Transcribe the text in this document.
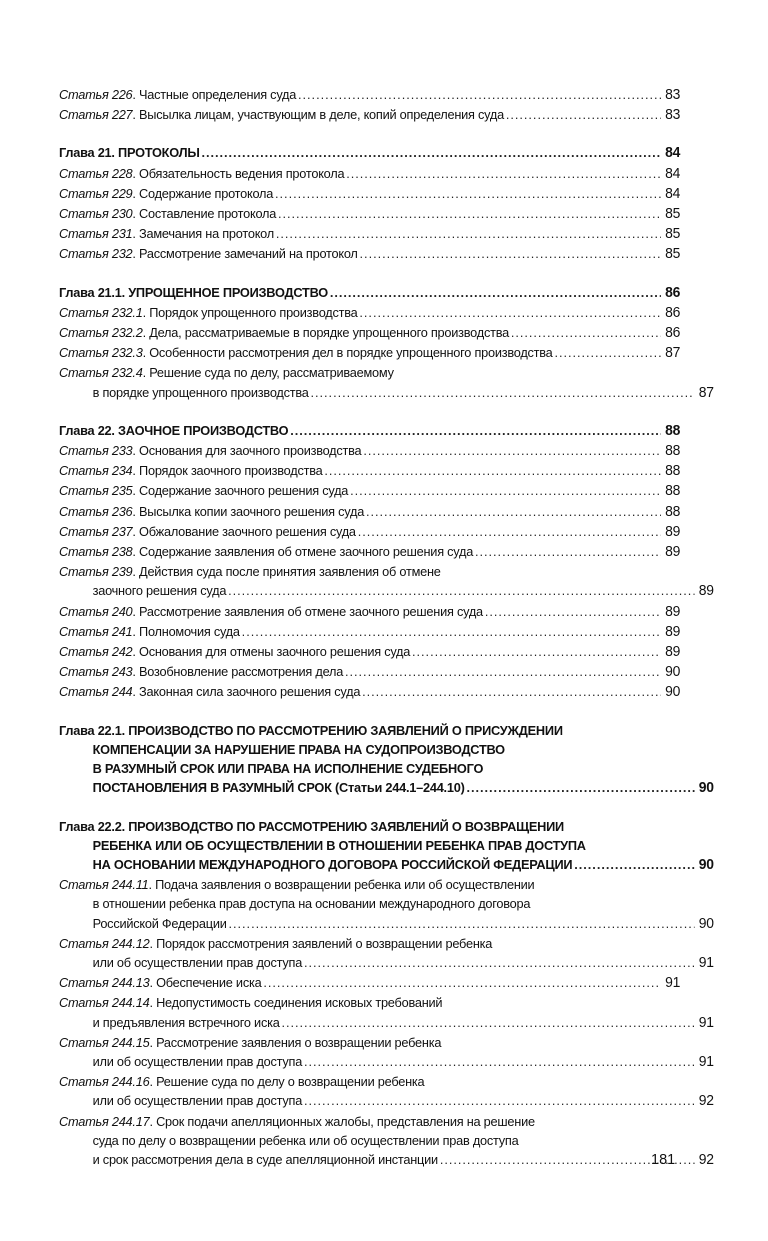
Статья 226. Частные определения суда .....	83
Статья 227. Высылка лицам, участвующим в деле, копий определения суда .....	83
Глава 21. ПРОТОКОЛЫ .....	84
Статья 228. Обязательность ведения протокола .....	84
Статья 229. Содержание протокола .....	84
Статья 230. Составление протокола .....	85
Статья 231. Замечания на протокол .....	85
Статья 232. Рассмотрение замечаний на протокол .....	85
Глава 21.1. УПРОЩЕННОЕ ПРОИЗВОДСТВО .....	86
Статья 232.1. Порядок упрощенного производства .....	86
Статья 232.2. Дела, рассматриваемые в порядке упрощенного производства .....	86
Статья 232.3. Особенности рассмотрения дел в порядке упрощенного производства .....	87
Статья 232.4. Решение суда по делу, рассматриваемому
в порядке упрощенного производства .....	87
Глава 22. ЗАОЧНОЕ ПРОИЗВОДСТВО .....	88
Статья 233. Основания для заочного производства .....	88
Статья 234. Порядок заочного производства .....	88
Статья 235. Содержание заочного решения суда .....	88
Статья 236. Высылка копии заочного решения суда .....	88
Статья 237. Обжалование заочного решения суда .....	89
Статья 238. Содержание заявления об отмене заочного решения суда .....	89
Статья 239. Действия суда после принятия заявления об отмене
заочного решения суда .....	89
Статья 240. Рассмотрение заявления об отмене заочного решения суда .....	89
Статья 241. Полномочия суда .....	89
Статья 242. Основания для отмены заочного решения суда .....	89
Статья 243. Возобновление рассмотрения дела .....	90
Статья 244. Законная сила заочного решения суда .....	90
Глава 22.1. ПРОИЗВОДСТВО ПО РАССМОТРЕНИЮ ЗАЯВЛЕНИЙ О ПРИСУЖДЕНИИ
КОМПЕНСАЦИИ ЗА НАРУШЕНИЕ ПРАВА НА СУДОПРОИЗВОДСТВО
В РАЗУМНЫЙ СРОК ИЛИ ПРАВА НА ИСПОЛНЕНИЕ СУДЕБНОГО
ПОСТАНОВЛЕНИЯ В РАЗУМНЫЙ СРОК (Статьи 244.1–244.10) .....	90
Глава 22.2. ПРОИЗВОДСТВО ПО РАССМОТРЕНИЮ ЗАЯВЛЕНИЙ О ВОЗВРАЩЕНИИ
РЕБЕНКА ИЛИ ОБ ОСУЩЕСТВЛЕНИИ В ОТНОШЕНИИ РЕБЕНКА ПРАВ ДОСТУПА
НА ОСНОВАНИИ МЕЖДУНАРОДНОГО ДОГОВОРА РОССИЙСКОЙ ФЕДЕРАЦИИ .....	90
Статья 244.11. Подача заявления о возвращении ребенка или об осуществлении
в отношении ребенка прав доступа на основании международного договора
Российской Федерации .....	90
Статья 244.12. Порядок рассмотрения заявлений о возвращении ребенка
или об осуществлении прав доступа .....	91
Статья 244.13. Обеспечение иска .....	91
Статья 244.14. Недопустимость соединения исковых требований
и предъявления встречного иска .....	91
Статья 244.15. Рассмотрение заявления о возвращении ребенка
или об осуществлении прав доступа .....	91
Статья 244.16. Решение суда по делу о возвращении ребенка
или об осуществлении прав доступа .....	92
Статья 244.17. Срок подачи апелляционных жалобы, представления на решение
суда по делу о возвращении ребенка или об осуществлении прав доступа
и срок рассмотрения дела в суде апелляционной инстанции .....	92
181
